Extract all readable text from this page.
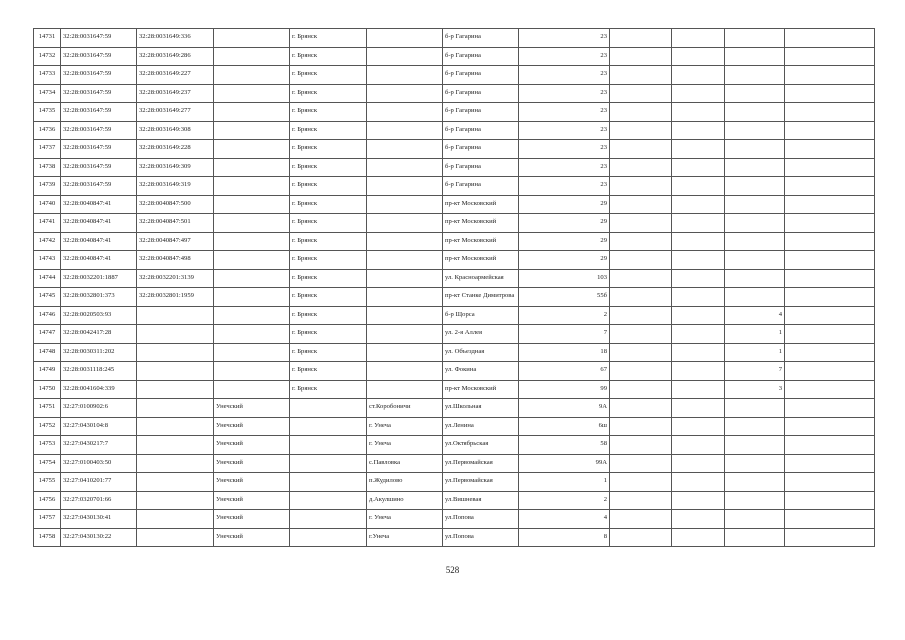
14731	32:28:0031647:59	32:28:0031649:336		г. Брянск		б-р Гагарина	23				
14732	32:28:0031647:59	32:28:0031649:286		г. Брянск		б-р Гагарина	23				
14733	32:28:0031647:59	32:28:0031649:227		г. Брянск		б-р Гагарина	23				
14734	32:28:0031647:59	32:28:0031649:237		г. Брянск		б-р Гагарина	23				
14735	32:28:0031647:59	32:28:0031649:277		г. Брянск		б-р Гагарина	23				
14736	32:28:0031647:59	32:28:0031649:308		г. Брянск		б-р Гагарина	23				
14737	32:28:0031647:59	32:28:0031649:228		г. Брянск		б-р Гагарина	23				
14738	32:28:0031647:59	32:28:0031649:309		г. Брянск		б-р Гагарина	23				
14739	32:28:0031647:59	32:28:0031649:319		г. Брянск		б-р Гагарина	23				
14740	32:28:0040847:41	32:28:0040847:500		г. Брянск		пр-кт Московский	29				
14741	32:28:0040847:41	32:28:0040847:501		г. Брянск		пр-кт Московский	29				
14742	32:28:0040847:41	32:28:0040847:497		г. Брянск		пр-кт Московский	29				
14743	32:28:0040847:41	32:28:0040847:498		г. Брянск		пр-кт Московский	29				
14744	32:28:0032201:1887	32:28:0032201:3139		г. Брянск		ул. Красноармейская	103				
14745	32:28:0032801:373	32:28:0032801:1959		г. Брянск		пр-кт Станке Димитрова	55б				
14746	32:28:0020503:93			г. Брянск		б-р Щорса	2			4	
14747	32:28:0042417:28			г. Брянск		ул. 2-я Аллея	7			1	
14748	32:28:0030311:202			г. Брянск		ул. Объездная	18			1	
14749	32:28:0031118:245			г. Брянск		ул. Фокина	67			7	
14750	32:28:0041604:339			г. Брянск		пр-кт Московский	99			3	
14751	32:27:0100902:6		Унечский		ст.Коробоничи	ул.Школьная	9А				
14752	32:27:0430104:8		Унечский		г. Унеча	ул.Ленина	6ш				
14753	32:27:0430217:7		Унечский		г. Унеча	ул.Октябрьская	58				
14754	32:27:0100403:50		Унечский		с.Павловка	ул.Первомайская	99А				
14755	32:27:0410201:77		Унечский		п.Жудилово	ул.Первомайская	1				
14756	32:27:0320701:66		Унечский		д.Акулшино	ул.Вишневая	2				
14757	32:27:0430130:41		Унечский		г. Унеча	ул.Попова	4				
14758	32:27:0430130:22		Унечский		г.Унеча	ул.Попова	8				
528
